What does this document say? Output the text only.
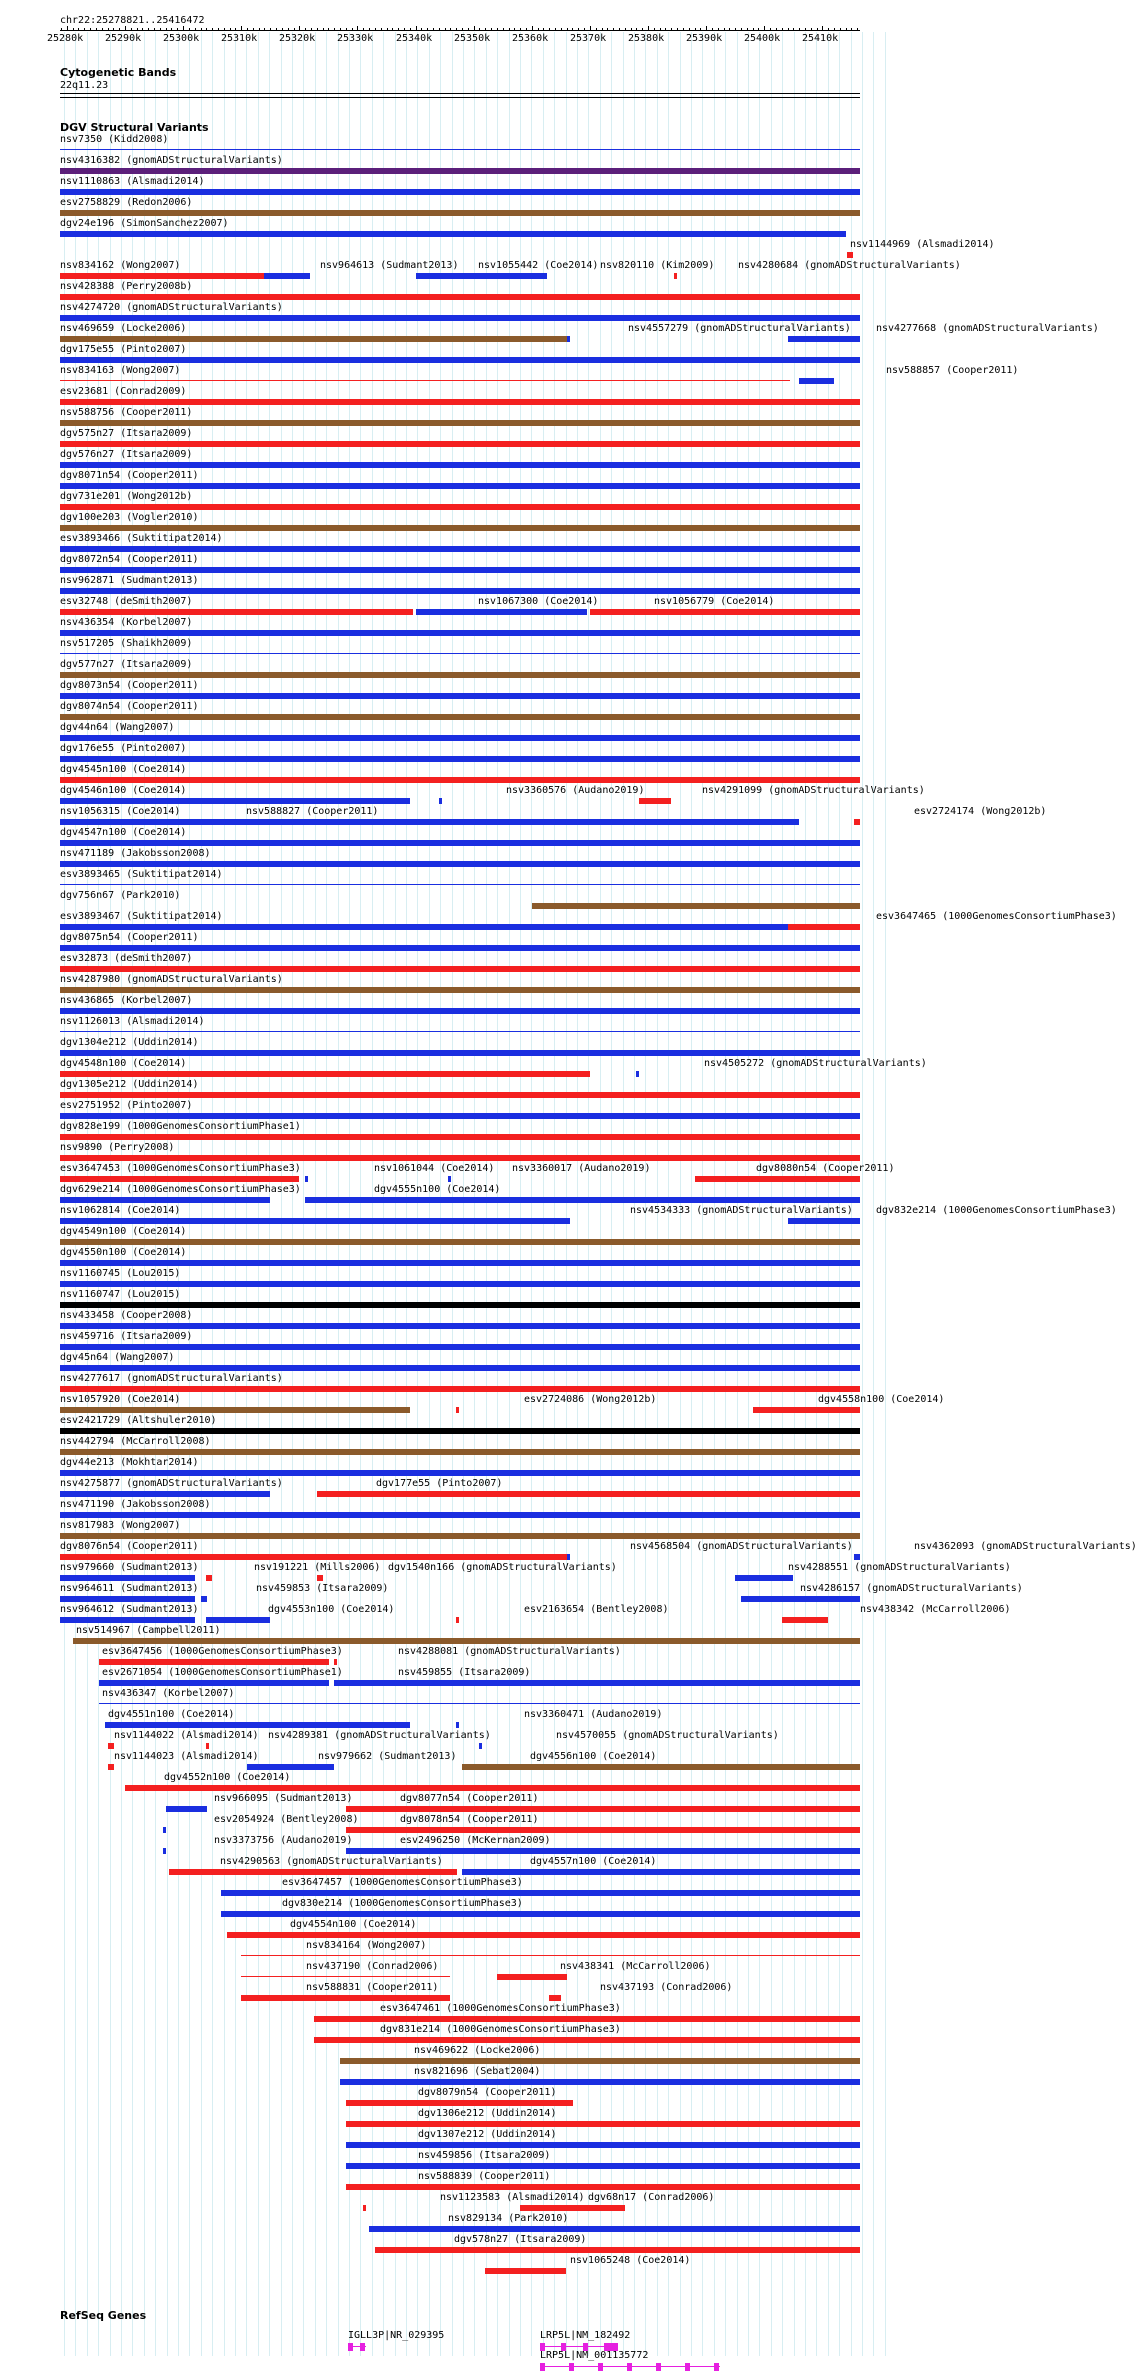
chr22:25278821..25416472
25280k 25290k 25300k 25310k 25320k 25330k 25340k 25350k 25360k 25370k 25380k 25390k 25400k 25410k
Cytogenetic Bands
22q11.23
DGV Structural Variants
nsv7350 (Kidd2008)
nsv4316382 (gnomADStructuralVariants)
nsv1110863 (Alsmadi2014)
esv2758829 (Redon2006)
dgv24e196 (SimonSanchez2007)
nsv1144969 (Alsmadi2014)
nsv834162 (Wong2007)	nsv964613 (Sudmant2013) nsv1055442 (Coe2014) nsv820110 (Kim2009) nsv4280684 (gnomADStructuralVariants)
nsv428388 (Perry2008b)
nsv4274720 (gnomADStructuralVariants)
nsv469659 (Locke2006)	nsv4557279 (gnomADStructuralVariants)	nsv4277668 (gnomADStructuralVariants)
dgv175e55 (Pinto2007)
nsv834163 (Wong2007)	nsv588857 (Cooper2011)
esv23681 (Conrad2009)
nsv588756 (Cooper2011)
dgv575n27 (Itsara2009)
dgv576n27 (Itsara2009)
dgv8071n54 (Cooper2011)
dgv731e201 (Wong2012b)
dgv100e203 (Vogler2010)
esv3893466 (Suktitipat2014)
dgv8072n54 (Cooper2011)
nsv962871 (Sudmant2013)
esv32748 (deSmith2007)	nsv1067300 (Coe2014)	nsv1056779 (Coe2014)
nsv436354 (Korbel2007)
nsv517205 (Shaikh2009)
dgv577n27 (Itsara2009)
dgv8073n54 (Cooper2011)
dgv8074n54 (Cooper2011)
dgv44n64 (Wang2007)
dgv176e55 (Pinto2007)
dgv4545n100 (Coe2014)
dgv4546n100 (Coe2014)	nsv3360576 (Audano2019)	nsv4291099 (gnomADStructuralVariants)
nsv1056315 (Coe2014)	nsv588827 (Cooper2011)	esv2724174 (Wong2012b)
dgv4547n100 (Coe2014)
nsv471189 (Jakobsson2008)
esv3893465 (Suktitipat2014)
dgv756n67 (Park2010)
esv3893467 (Suktitipat2014)	esv3647465 (1000GenomesConsortiumPhase3)
dgv8075n54 (Cooper2011)
esv32873 (deSmith2007)
nsv4287980 (gnomADStructuralVariants)
nsv436865 (Korbel2007)
nsv1126013 (Alsmadi2014)
dgv1304e212 (Uddin2014)
dgv4548n100 (Coe2014)	nsv4505272 (gnomADStructuralVariants)
dgv1305e212 (Uddin2014)
esv2751952 (Pinto2007)
dgv828e199 (1000GenomesConsortiumPhase1)
nsv9890 (Perry2008)
esv3647453 (1000GenomesConsortiumPhase3)	nsv1061044 (Coe2014) nsv3360017 (Audano2019)	dgv8080n54 (Cooper2011)
dgv629e214 (1000GenomesConsortiumPhase3)	dgv4555n100 (Coe2014)
nsv1062814 (Coe2014)	nsv4534333 (gnomADStructuralVariants) dgv832e214 (1000GenomesConsortiumPhase3)
dgv4549n100 (Coe2014)
dgv4550n100 (Coe2014)
nsv1160745 (Lou2015)
nsv1160747 (Lou2015)
nsv433458 (Cooper2008)
nsv459716 (Itsara2009)
dgv45n64 (Wang2007)
nsv4277617 (gnomADStructuralVariants)
nsv1057920 (Coe2014)	esv2724086 (Wong2012b)	dgv4558n100 (Coe2014)
esv2421729 (Altshuler2010)
nsv442794 (McCarroll2008)
dgv44e213 (Mokhtar2014)
nsv4275877 (gnomADStructuralVariants)	dgv177e55 (Pinto2007)
nsv471190 (Jakobsson2008)
nsv817983 (Wong2007)
dgv8076n54 (Cooper2011)	nsv4568504 (gnomADStructuralVariants)	nsv4362093 (gnomADStructuralVariants)
nsv979660 (Sudmant2013)	nsv191221 (Mills2006) dgv1540n166 (gnomADStructuralVariants)	nsv4288551 (gnomADStructuralVariants)
nsv964611 (Sudmant2013)	nsv459853 (Itsara2009)	nsv4286157 (gnomADStructuralVariants)
nsv964612 (Sudmant2013)	dgv4553n100 (Coe2014)	esv2163654 (Bentley2008)	nsv438342 (McCarroll2006)
nsv514967 (Campbell2011)
esv3647456 (1000GenomesConsortiumPhase3)	nsv4288081 (gnomADStructuralVariants)
esv2671054 (1000GenomesConsortiumPhase1)	nsv459855 (Itsara2009)
nsv436347 (Korbel2007)
dgv4551n100 (Coe2014)	nsv3360471 (Audano2019)
nsv1144022 (Alsmadi2014) nsv4289381 (gnomADStructuralVariants)	nsv4570055 (gnomADStructuralVariants)
nsv1144023 (Alsmadi2014)	nsv979662 (Sudmant2013)	dgv4556n100 (Coe2014)
dgv4552n100 (Coe2014)
nsv966095 (Sudmant2013)	dgv8077n54 (Cooper2011)
esv2054924 (Bentley2008)	dgv8078n54 (Cooper2011)
nsv3373756 (Audano2019)	esv2496250 (McKernan2009)
nsv4290563 (gnomADStructuralVariants)	dgv4557n100 (Coe2014)
esv3647457 (1000GenomesConsortiumPhase3)
dgv830e214 (1000GenomesConsortiumPhase3)
dgv4554n100 (Coe2014)
nsv834164 (Wong2007)
nsv437190 (Conrad2006)	nsv438341 (McCarroll2006)
nsv588831 (Cooper2011)	nsv437193 (Conrad2006)
esv3647461 (1000GenomesConsortiumPhase3)
dgv831e214 (1000GenomesConsortiumPhase3)
nsv469622 (Locke2006)
nsv821696 (Sebat2004)
dgv8079n54 (Cooper2011)
dgv1306e212 (Uddin2014)
dgv1307e212 (Uddin2014)
nsv459856 (Itsara2009)
nsv588839 (Cooper2011)
nsv1123583 (Alsmadi2014) dgv68n17 (Conrad2006)
nsv829134 (Park2010)
dgv578n27 (Itsara2009)
nsv1065248 (Coe2014)
RefSeq Genes
IGLL3P|NR_029395	LRP5L|NM_182492
LRP5L|NM_001135772
